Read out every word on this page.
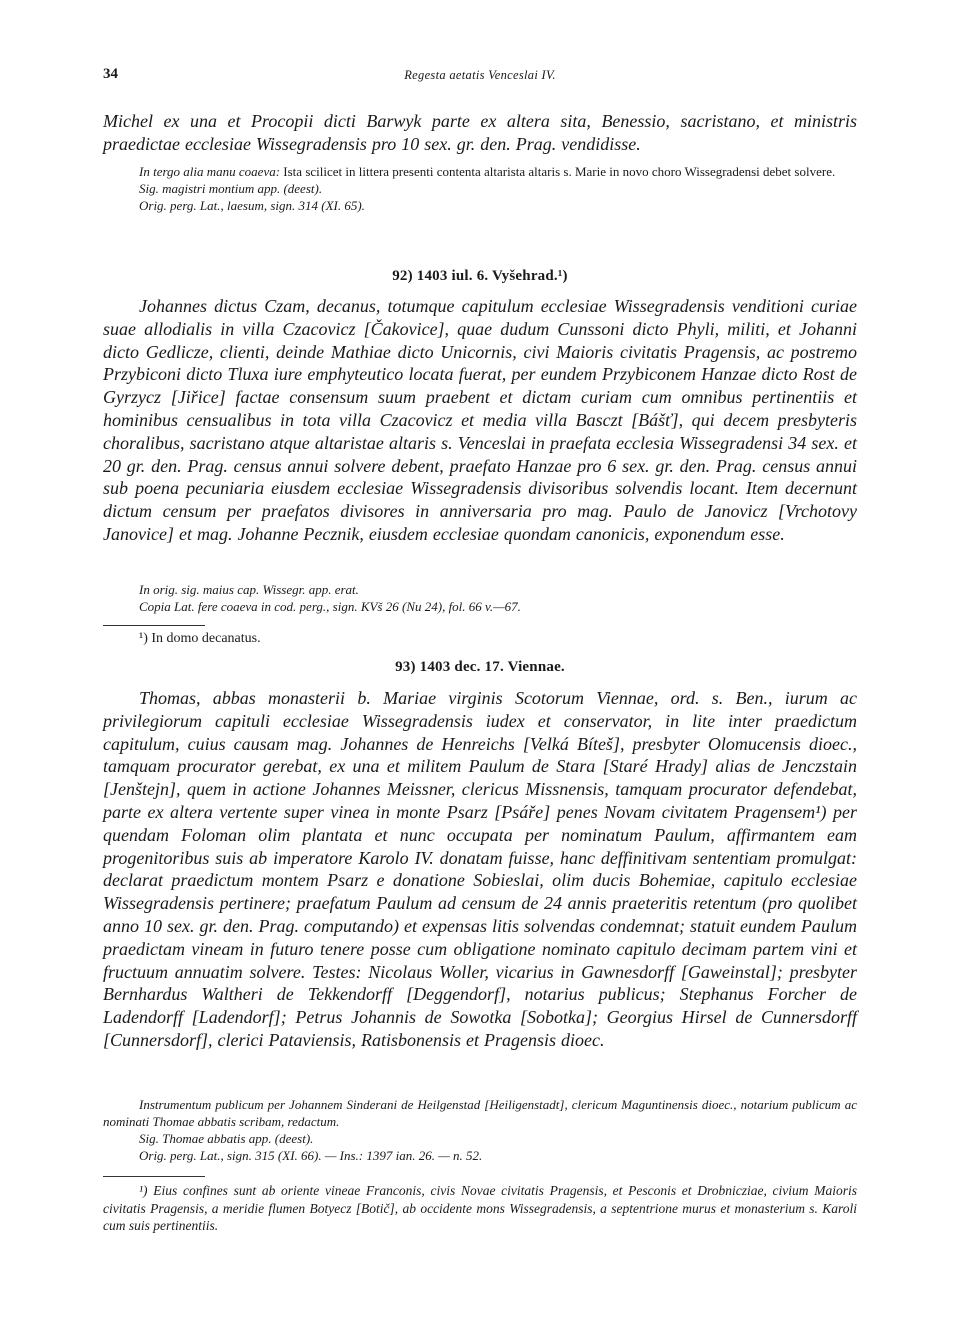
34	Regesta aetatis Venceslai IV.

Michel ex una et Procopii dicti Barwyk parte ex altera sita, Benessio, sacristano, et ministris praedictae ecclesiae Wissegradensis pro 10 sex. gr. den. Prag. vendidisse.

In tergo alia manu coaeva: Ista scilicet in littera presenti contenta altarista altaris s. Marie in novo choro Wissegradensi debet solvere.

Sig. magistri montium app. (deest).

Orig. perg. Lat., laesum, sign. 314 (XI. 65).

92) 1403 iul. 6. Vyšehrad.¹)

Johannes dictus Czam, decanus, totumque capitulum ecclesiae Wissegradensis venditioni curiae suae allodialis in villa Czacovicz [Čakovice], quae dudum Cunssoni dicto Phyli, militi, et Johanni dicto Gedlicze, clienti, deinde Mathiae dicto Unicornis, civi Maioris civitatis Pragensis, ac postremo Przybiconi dicto Tluxa iure emphyteutico locata fuerat, per eundem Przybiconem Hanzae dicto Rost de Gyrzycz [Jiřice] factae consensum suum praebent et dictam curiam cum omnibus pertinentiis et hominibus censualibus in tota villa Czacovicz et media villa Basczt [Bášť], qui decem presbyteris choralibus, sacristano atque altaristae altaris s. Venceslai in praefata ecclesia Wissegradensi 34 sex. et 20 gr. den. Prag. census annui solvere debent, praefato Hanzae pro 6 sex. gr. den. Prag. census annui sub poena pecuniaria eiusdem ecclesiae Wissegradensis divisoribus solvendis locant. Item decernunt dictum censum per praefatos divisores in anniversaria pro mag. Paulo de Janovicz [Vrchotovy Janovice] et mag. Johanne Pecznik, eiusdem ecclesiae quondam canonicis, exponendum esse.

In orig. sig. maius cap. Wissegr. app. erat.

Copia Lat. fere coaeva in cod. perg., sign. KVš 26 (Nu 24), fol. 66 v.—67.

¹) In domo decanatus.

93) 1403 dec. 17. Viennae.

Thomas, abbas monasterii b. Mariae virginis Scotorum Viennae, ord. s. Ben., iurum ac privilegiorum capituli ecclesiae Wissegradensis iudex et conservator, in lite inter praedictum capitulum, cuius causam mag. Johannes de Henreichs [Velká Bíteš], presbyter Olomucensis dioec., tamquam procurator gerebat, ex una et militem Paulum de Stara [Staré Hrady] alias de Jenczstain [Jenštejn], quem in actione Johannes Meissner, clericus Missnensis, tamquam procurator defendebat, parte ex altera vertente super vinea in monte Psarz [Psáře] penes Novam civitatem Pragensem¹) per quendam Foloman olim plantata et nunc occupata per nominatum Paulum, affirmantem eam progenitoribus suis ab imperatore Karolo IV. donatam fuisse, hanc deffinitivam sententiam promulgat: declarat praedictum montem Psarz e donatione Sobieslai, olim ducis Bohemiae, capitulo ecclesiae Wissegradensis pertinere; praefatum Paulum ad censum de 24 annis praeteritis retentum (pro quolibet anno 10 sex. gr. den. Prag. computando) et expensas litis solvendas condemnat; statuit eundem Paulum praedictam vineam in futuro tenere posse cum obligatione nominato capitulo decimam partem vini et fructuum annuatim solvere. Testes: Nicolaus Woller, vicarius in Gawnesdorff [Gaweinstal]; presbyter Bernhardus Waltheri de Tekkendorff [Deggendorf], notarius publicus; Stephanus Forcher de Ladendorff [Ladendorf]; Petrus Johannis de Sowotka [Sobotka]; Georgius Hirsel de Cunnersdorff [Cunnersdorf], clerici Pataviensis, Ratisbonensis et Pragensis dioec.

Instrumentum publicum per Johannem Sinderani de Heilgenstad [Heiligenstadt], clericum Maguntinensis dioec., notarium publicum ac nominati Thomae abbatis scribam, redactum.

Sig. Thomae abbatis app. (deest).

Orig. perg. Lat., sign. 315 (XI. 66). — Ins.: 1397 ian. 26. — n. 52.

¹) Eius confines sunt ab oriente vineae Franconis, civis Novae civitatis Pragensis, et Pesconis et Drobnicziae, civium Maioris civitatis Pragensis, a meridie flumen Botyecz [Botič], ab occidente mons Wissegradensis, a septentrione murus et monasterium s. Karoli cum suis pertinentiis.
